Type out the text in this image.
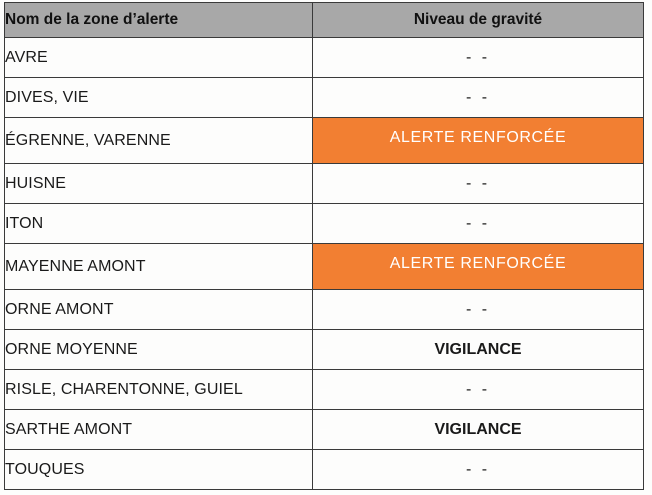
Nom de la zone d’alerte	Niveau de gravité
AVRE	- -
DIVES, VIE	- -
ÉGRENNE, VARENNE	ALERTE RENFORCÉE
HUISNE	- -
ITON	- -
MAYENNE AMONT	ALERTE RENFORCÉE
ORNE AMONT	- -
ORNE MOYENNE	VIGILANCE
RISLE, CHARENTONNE, GUIEL	- -
SARTHE AMONT	VIGILANCE
TOUQUES	- -
